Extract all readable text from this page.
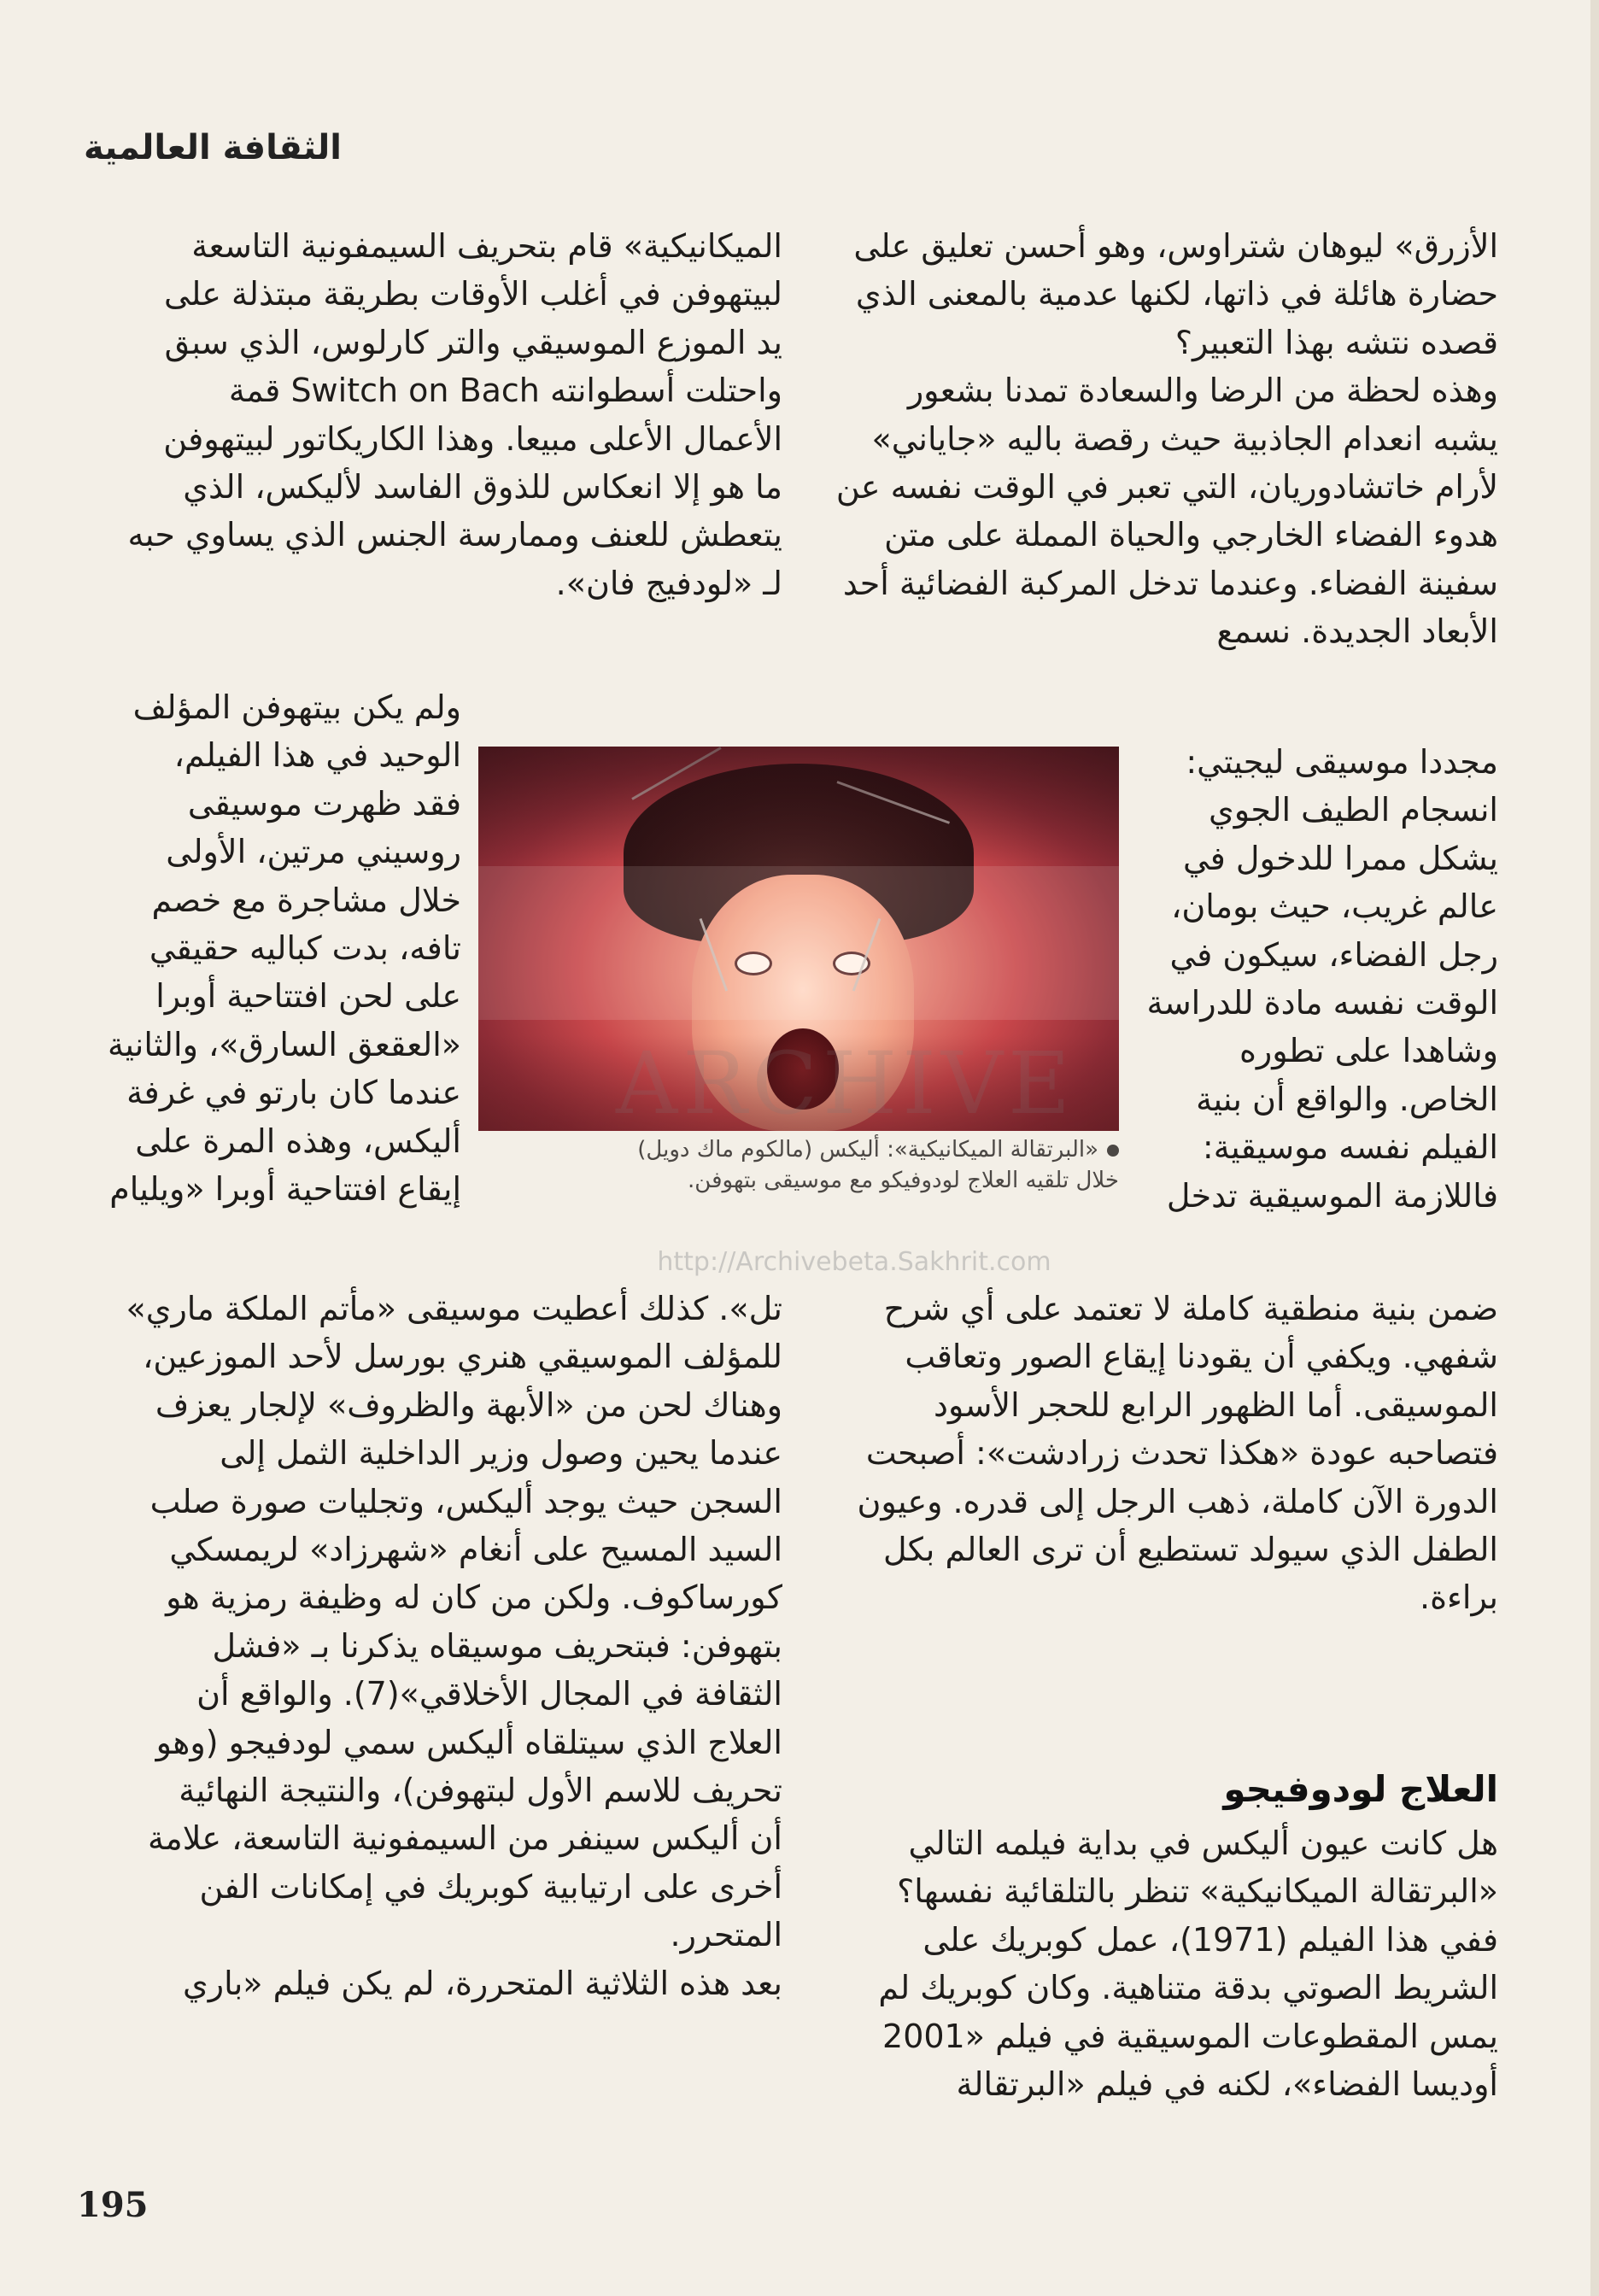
الثقافة العالمية
الأزرق» ليوهان شتراوس، وهو أحسن تعليق على
حضارة هائلة في ذاتها، لكنها عدمية بالمعنى الذي
قصده نتشه بهذا التعبير؟
وهذه لحظة من الرضا والسعادة تمدنا بشعور
يشبه انعدام الجاذبية حيث رقصة باليه «جاياني»
لأرام خاتشادوريان، التي تعبر في الوقت نفسه عن
هدوء الفضاء الخارجي والحياة المملة على متن
سفينة الفضاء. وعندما تدخل المركبة الفضائية أحد
الأبعاد الجديدة. نسمع
مجددا موسيقى ليجيتي:
انسجام الطيف الجوي
يشكل ممرا للدخول في
عالم غريب، حيث بومان،
رجل الفضاء، سيكون في
الوقت نفسه مادة للدراسة
وشاهدا على تطوره
الخاص. والواقع أن بنية
الفيلم نفسه موسيقية:
فاللازمة الموسيقية تدخل
ضمن بنية منطقية كاملة لا تعتمد على أي شرح
شفهي. ويكفي أن يقودنا إيقاع الصور وتعاقب
الموسيقى. أما الظهور الرابع للحجر الأسود
فتصاحبه عودة «هكذا تحدث زرادشت»: أصبحت
الدورة الآن كاملة، ذهب الرجل إلى قدره. وعيون
الطفل الذي سيولد تستطيع أن ترى العالم بكل
براءة.
العلاج لودوفيجو
هل كانت عيون أليكس في بداية فيلمه التالي
«البرتقالة الميكانيكية» تنظر بالتلقائية نفسها؟
ففي هذا الفيلم (1971)، عمل كوبريك على
الشريط الصوتي بدقة متناهية. وكان كوبريك لم
يمس المقطوعات الموسيقية في فيلم «2001
أوديسا الفضاء»، لكنه في فيلم «البرتقالة
الميكانيكية» قام بتحريف السيمفونية التاسعة
لبيتهوفن في أغلب الأوقات بطريقة مبتذلة على
يد الموزع الموسيقي والتر كارلوس، الذي سبق
واحتلت أسطوانته Switch on Bach قمة
الأعمال الأعلى مبيعا. وهذا الكاريكاتور لبيتهوفن
ما هو إلا انعكاس للذوق الفاسد لأليكس، الذي
يتعطش للعنف وممارسة الجنس الذي يساوي حبه
لـ «لودفيج فان».
ولم يكن بيتهوفن المؤلف
الوحيد في هذا الفيلم،
فقد ظهرت موسيقى
روسيني مرتين، الأولى
خلال مشاجرة مع خصم
تافه، بدت كباليه حقيقي
على لحن افتتاحية أوبرا
«العقعق السارق»، والثانية
عندما كان بارتو في غرفة
أليكس، وهذه المرة على
إيقاع افتتاحية أوبرا «ويليام
تل». كذلك أعطيت موسيقى «مأتم الملكة ماري»
للمؤلف الموسيقي هنري بورسل لأحد الموزعين،
وهناك لحن من «الأبهة والظروف» لإلجار يعزف
عندما يحين وصول وزير الداخلية الثمل إلى
السجن حيث يوجد أليكس، وتجليات صورة صلب
السيد المسيح على أنغام «شهرزاد» لريمسكي
كورساكوف. ولكن من كان له وظيفة رمزية هو
بتهوفن: فبتحريف موسيقاه يذكرنا بـ «فشل
الثقافة في المجال الأخلاقي»(7). والواقع أن
العلاج الذي سيتلقاه أليكس سمي لودفيجو (وهو
تحريف للاسم الأول لبتهوفن)، والنتيجة النهائية
أن أليكس سينفر من السيمفونية التاسعة، علامة
أخرى على ارتيابية كوبريك في إمكانات الفن
المتحرر.
بعد هذه الثلاثية المتحررة، لم يكن فيلم «باري
«البرتقالة الميكانيكية»: أليكس (مالكوم ماك دويل)
خلال تلقيه العلاج لودوفيكو مع موسيقى بتهوفن.
http://Archivebeta.Sakhrit.com
195
